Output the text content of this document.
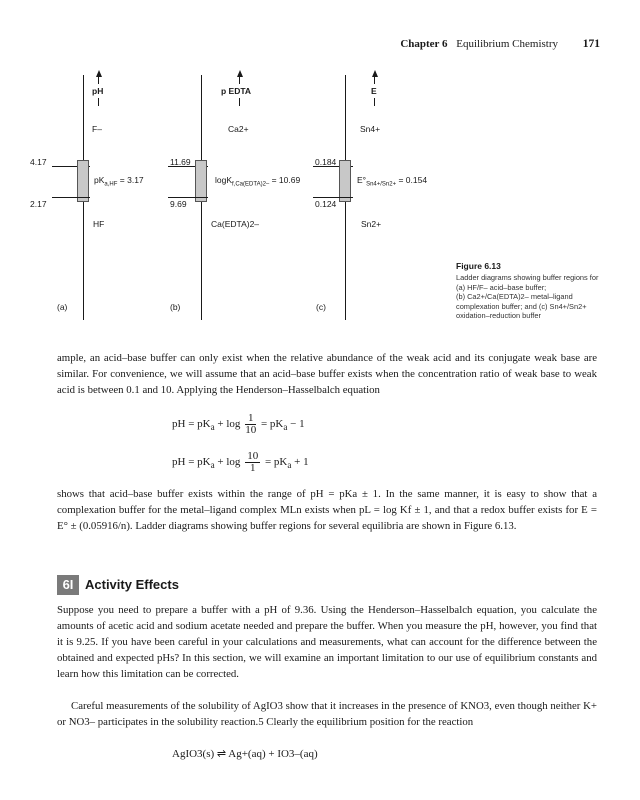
Chapter 6 Equilibrium Chemistry 171
pH
F–
4.17
$pK_{a,HF} = 3.17$
2.17
HF
(a)
p EDTA
Ca2+
11.69
logK$_{f,Ca(EDTA)2-}$ = 10.69
9.69
Ca(EDTA)2–
(b)
E
Sn4+
0.184
$E^\circ_{Sn4+/Sn2+} = 0.154$
0.124
Sn2+
(c)
Figure 6.13
Ladder diagrams showing buffer regions for
(a) HF/F– acid–base buffer;
(b) Ca2+/Ca(EDTA)2– metal–ligand
complexation buffer; and (c) Sn4+/Sn2+
oxidation–reduction buffer
ample, an acid–base buffer can only exist when the relative abundance of the weak acid and its conjugate weak base are similar. For convenience, we will assume that an acid–base buffer exists when the concentration ratio of weak base to weak acid is between 0.1 and 10. Applying the Henderson–Hasselbalch equation
pH = $pK_a + \log \frac{1}{10} = pK_a - 1$
pH = $pK_a + \log \frac{10}{1} = pK_a + 1$
shows that acid–base buffer exists within the range of pH = pKa ± 1. In the same manner, it is easy to show that a complexation buffer for the metal–ligand complex MLn exists when pL = log Kf ± 1, and that a redox buffer exists for E = E° ± (0.05916/n). Ladder diagrams showing buffer regions for several equilibria are shown in Figure 6.13.
6I Activity Effects
Suppose you need to prepare a buffer with a pH of 9.36. Using the Henderson–Hasselbalch equation, you calculate the amounts of acetic acid and sodium acetate needed and prepare the buffer. When you measure the pH, however, you find that it is 9.25. If you have been careful in your calculations and measurements, what can account for the difference between the obtained and expected pHs? In this section, we will examine an important limitation to our use of equilibrium constants and learn how this limitation can be corrected.
Careful measurements of the solubility of AgIO3 show that it increases in the presence of KNO3, even though neither K+ or NO3– participates in the solubility reaction.5 Clearly the equilibrium position for the reaction
AgIO3(s) ⇌ Ag+(aq) + IO3–(aq)
